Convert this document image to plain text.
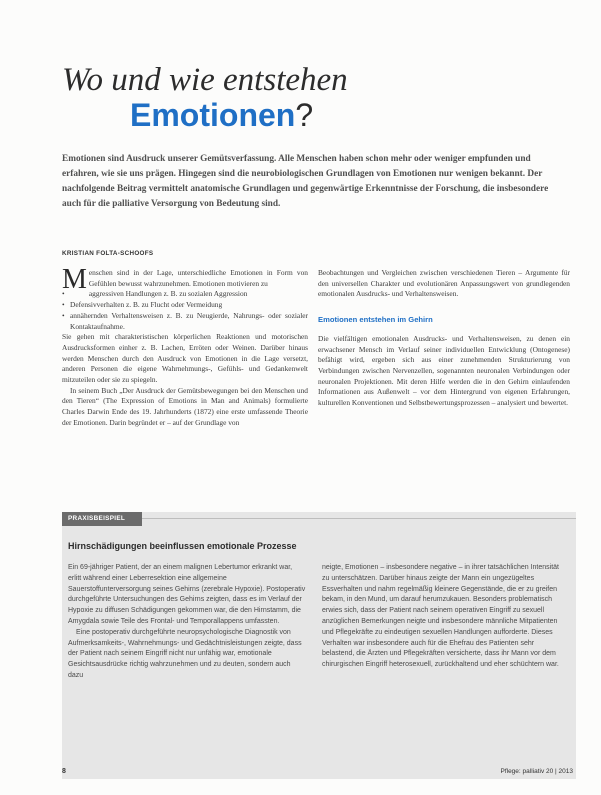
Wo und wie entstehen
Emotionen?
Emotionen sind Ausdruck unserer Gemütsverfassung. Alle Menschen haben schon mehr oder weniger empfunden und erfahren, wie sie uns prägen. Hingegen sind die neurobiologischen Grundlagen von Emotionen nur wenigen bekannt. Der nachfolgende Beitrag vermittelt anatomische Grundlagen und gegenwärtige Erkenntnisse der Forschung, die insbesondere auch für die palliative Versorgung von Bedeutung sind.
KRISTIAN FOLTA-SCHOOFS

Menschen sind in der Lage, unterschiedliche Emotionen in Form von Gefühlen bewusst wahrzunehmen. Emotionen motivieren zu

• aggressiven Handlungen z. B. zu sozialen Aggression
• Defensivverhalten z. B. zu Flucht oder Vermeidung
• annähernden Verhaltensweisen z. B. zu Neugierde, Nahrungs- oder sozialer Kontaktaufnahme.

Sie gehen mit charakteristischen körperlichen Reaktionen und motorischen Ausdrucksformen einher z. B. Lachen, Erröten oder Weinen. Darüber hinaus werden Menschen durch den Ausdruck von Emotionen in die Lage versetzt, anderen Personen die eigene Wahrnehmungs-, Gefühls- und Gedankenwelt mitzuteilen oder sie zu spiegeln.

In seinem Buch „Der Ausdruck der Gemütsbewegungen bei den Menschen und den Tieren“ (The Expression of Emotions in Man and Animals) formulierte Charles Darwin Ende des 19. Jahrhunderts (1872) eine erste umfassende Theorie der Emotionen. Darin begründet er – auf der Grundlage von

Beobachtungen und Vergleichen zwischen verschiedenen Tieren – Argumente für den universellen Charakter und evolutionären Anpassungswert von grundlegenden emotionalen Ausdrucks- und Verhaltensweisen.

Emotionen entstehen im Gehirn

Die vielfältigen emotionalen Ausdrucks- und Verhaltensweisen, zu denen ein erwachsener Mensch im Verlauf seiner individuellen Entwicklung (Ontogenese) befähigt wird, ergeben sich aus einer zunehmenden Strukturierung von Verbindungen zwischen Nervenzellen, sogenannten neuronalen Verbindungen oder neuronalen Projektionen. Mit deren Hilfe werden die in den Gehirn einlaufenden Informationen aus Außenwelt – vor dem Hintergrund von eigenen Erfahrungen, kulturellen Konventionen und Selbstbewertungsprozessen – analysiert und bewertet.

PRAXISBEISPIEL
Hirnschädigungen beeinflussen emotionale Prozesse

Ein 69-jähriger Patient, der an einem malignen Lebertumor erkrankt war, erlitt während einer Leberresektion eine allgemeine Sauerstoffunterversorgung seines Gehirns (zerebrale Hypoxie). Postoperativ durchgeführte Untersuchungen des Gehirns zeigten, dass es im Verlauf der Hypoxie zu diffusen Schädigungen gekommen war, die den Hirnstamm, die Amygdala sowie Teile des Frontal- und Temporallappens umfassten.

Eine postoperativ durchgeführte neuropsychologische Diagnostik von Aufmerksamkeits-, Wahrnehmungs- und Gedächtnisleistungen zeigte, dass der Patient nach seinem Eingriff nicht nur unfähig war, emotionale Gesichtsausdrücke richtig wahrzunehmen und zu deuten, sondern auch dazu

neigte, Emotionen – insbesondere negative – in ihrer tatsächlichen Intensität zu unterschätzen. Darüber hinaus zeigte der Mann ein ungezügeltes Essverhalten und nahm regelmäßig kleinere Gegenstände, die er zu greifen bekam, in den Mund, um darauf herumzukauen. Besonders problematisch erwies sich, dass der Patient nach seinem operativen Eingriff zu sexuell anzüglichen Bemerkungen neigte und insbesondere männliche Mitpatienten und Pflegekräfte zu eindeutigen sexuellen Handlungen aufforderte. Dieses Verhalten war insbesondere auch für die Ehefrau des Patienten sehr belastend, die Ärzten und Pflegekräften versicherte, dass ihr Mann vor dem chirurgischen Eingriff heterosexuell, zurückhaltend und eher schüchtern war.

8	Pflege: palliativ 20 | 2013
